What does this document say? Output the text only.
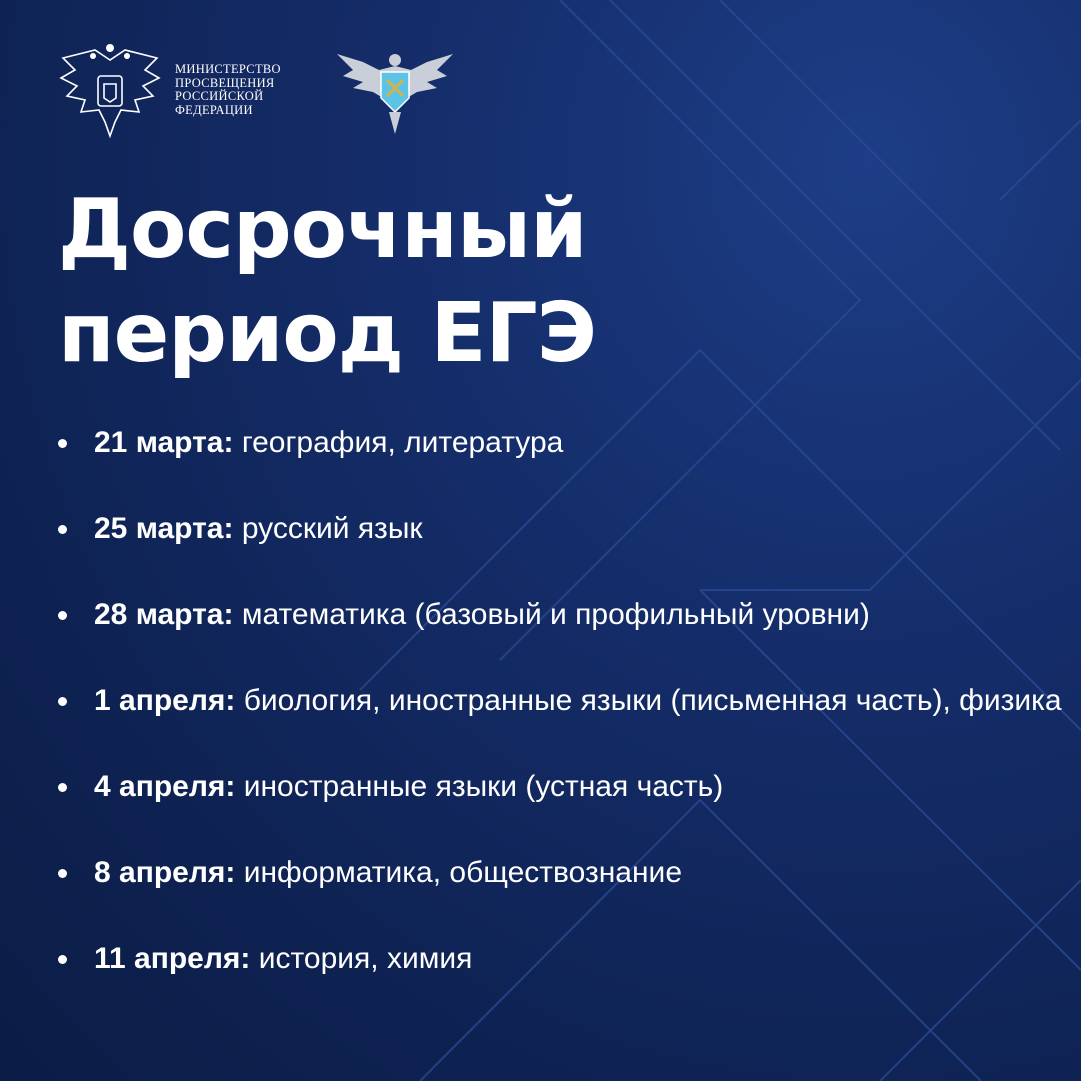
МИНИСТЕРСТВО
ПРОСВЕЩЕНИЯ
РОССИЙСКОЙ
ФЕДЕРАЦИИ
Досрочный
период ЕГЭ
21 марта: география, литература
25 марта: русский язык
28 марта: математика (базовый и профильный уровни)
1 апреля: биология, иностранные языки (письменная часть), физика
4 апреля: иностранные языки (устная часть)
8 апреля: информатика, обществознание
11 апреля: история, химия
